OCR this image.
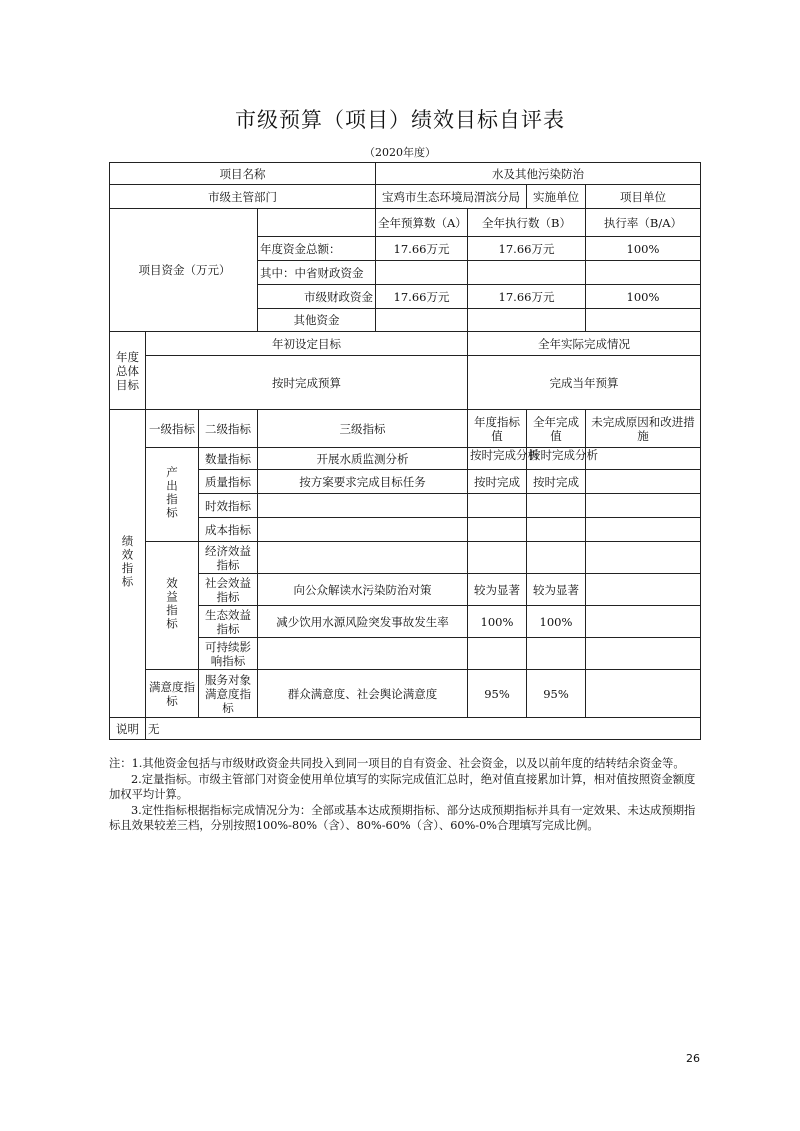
市级预算（项目）绩效目标自评表
（2020年度）
项目名称				水及其他污染防治			
市级主管部门				宝鸡市生态环境局渭滨分局		实施单位	项目单位
项目资金（万元）				全年预算数（A）	全年执行数（B）		执行率（B/A）
			年度资金总额：	17.66万元	17.66万元		100%
			其中：中省财政资金				
			市级财政资金	17.66万元	17.66万元		100%
			其他资金				
年度总体目标	年初设定目标				全年实际完成情况		
	按时完成预算				完成当年预算		
绩效指标	一级指标	二级指标	三级指标		年度指标值	全年完成值	未完成原因和改进措施
	产出指标	数量指标	开展水质监测分析		按时完成分析	按时完成分析	

		质量指标	按方案要求完成目标任务		按时完成	按时完成	
		时效指标					
		成本指标					
	效益指标	经济效益指标					
		社会效益指标	向公众解读水污染防治对策		较为显著	较为显著	
		生态效益指标	减少饮用水源风险突发事故发生率		100%	100%	
		可持续影响指标					
	满意度指标	服务对象满意度指标	群众满意度、社会舆论满意度		95%	95%	
说明	无						

注：1.其他资金包括与市级财政资金共同投入到同一项目的自有资金、社会资金，以及以前年度的结转结余资金等。

2.定量指标。市级主管部门对资金使用单位填写的实际完成值汇总时，绝对值直接累加计算，相对值按照资金额度加权平均计算。

3.定性指标根据指标完成情况分为：全部或基本达成预期指标、部分达成预期指标并具有一定效果、未达成预期指标且效果较差三档，分别按照100%-80%（含）、80%-60%（含）、60%-0%合理填写完成比例。

26
